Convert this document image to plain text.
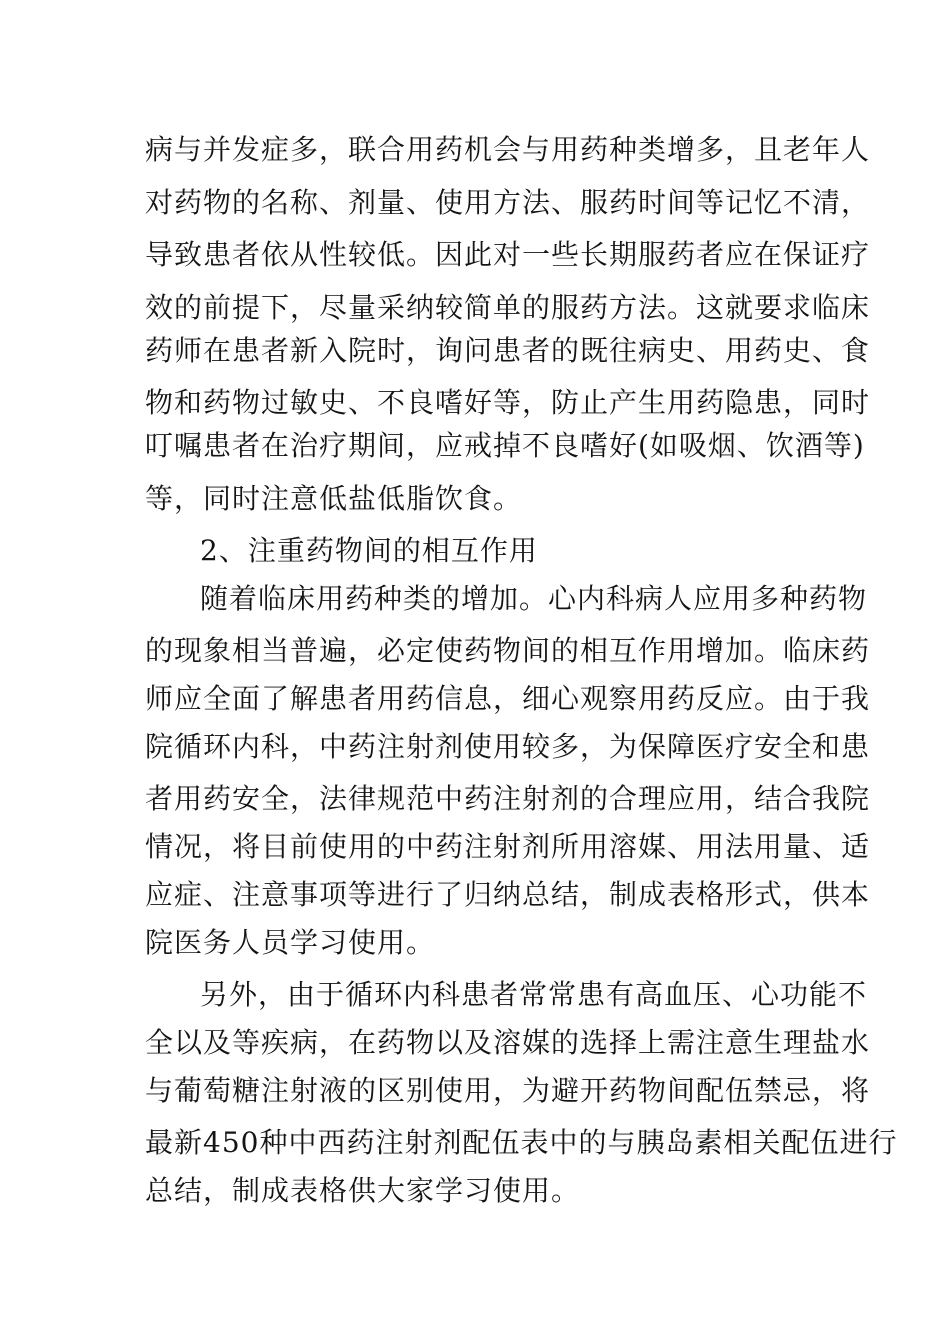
病与并发症多，联合用药机会与用药种类增多，且老年人
对药物的名称、剂量、使用方法、服药时间等记忆不清，
导致患者依从性较低。因此对一些长期服药者应在保证疗
效的前提下，尽量采纳较简单的服药方法。这就要求临床
药师在患者新入院时，询问患者的既往病史、用药史、食
物和药物过敏史、不良嗜好等，防止产生用药隐患，同时
叮嘱患者在治疗期间，应戒掉不良嗜好(如吸烟、饮酒等)
等，同时注意低盐低脂饮食。
2、注重药物间的相互作用
随着临床用药种类的增加。心内科病人应用多种药物
的现象相当普遍，必定使药物间的相互作用增加。临床药
师应全面了解患者用药信息，细心观察用药反应。由于我
院循环内科，中药注射剂使用较多，为保障医疗安全和患
者用药安全，法律规范中药注射剂的合理应用，结合我院
情况，将目前使用的中药注射剂所用溶媒、用法用量、适
应症、注意事项等进行了归纳总结，制成表格形式，供本
院医务人员学习使用。
另外，由于循环内科患者常常患有高血压、心功能不
全以及等疾病，在药物以及溶媒的选择上需注意生理盐水
与葡萄糖注射液的区别使用，为避开药物间配伍禁忌，将
最新450种中西药注射剂配伍表中的与胰岛素相关配伍进行
总结，制成表格供大家学习使用。
